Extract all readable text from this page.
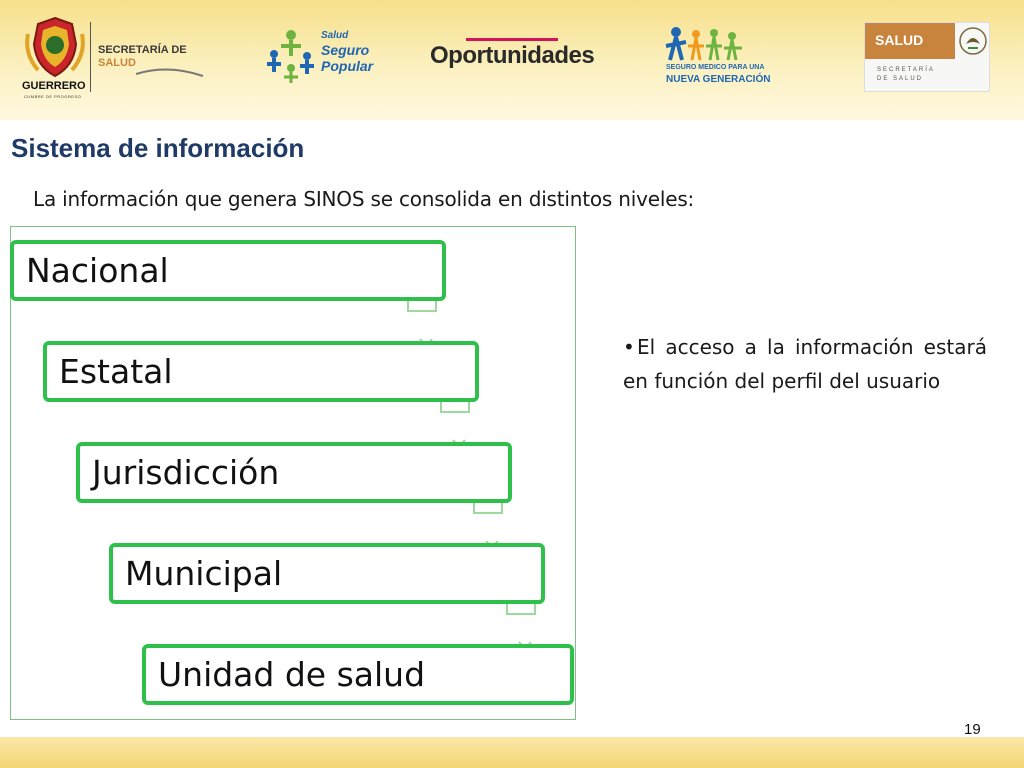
GUERRERO
CUMBRE DE PROGRESO
SECRETARÍA DE
SALUD
Salud
Seguro
Popular Oportunidades	SEGURO MEDICO PARA UNA
NUEVA GENERACIÓN
SALUD
SECRETARÍA
DE SALUD
Sistema de información
La información que genera SINOS se consolida en distintos niveles:
• El acceso a la información estará en función del perfil del usuario
19
Nacional
Estatal
Jurisdicción
Municipal
Unidad de salud
